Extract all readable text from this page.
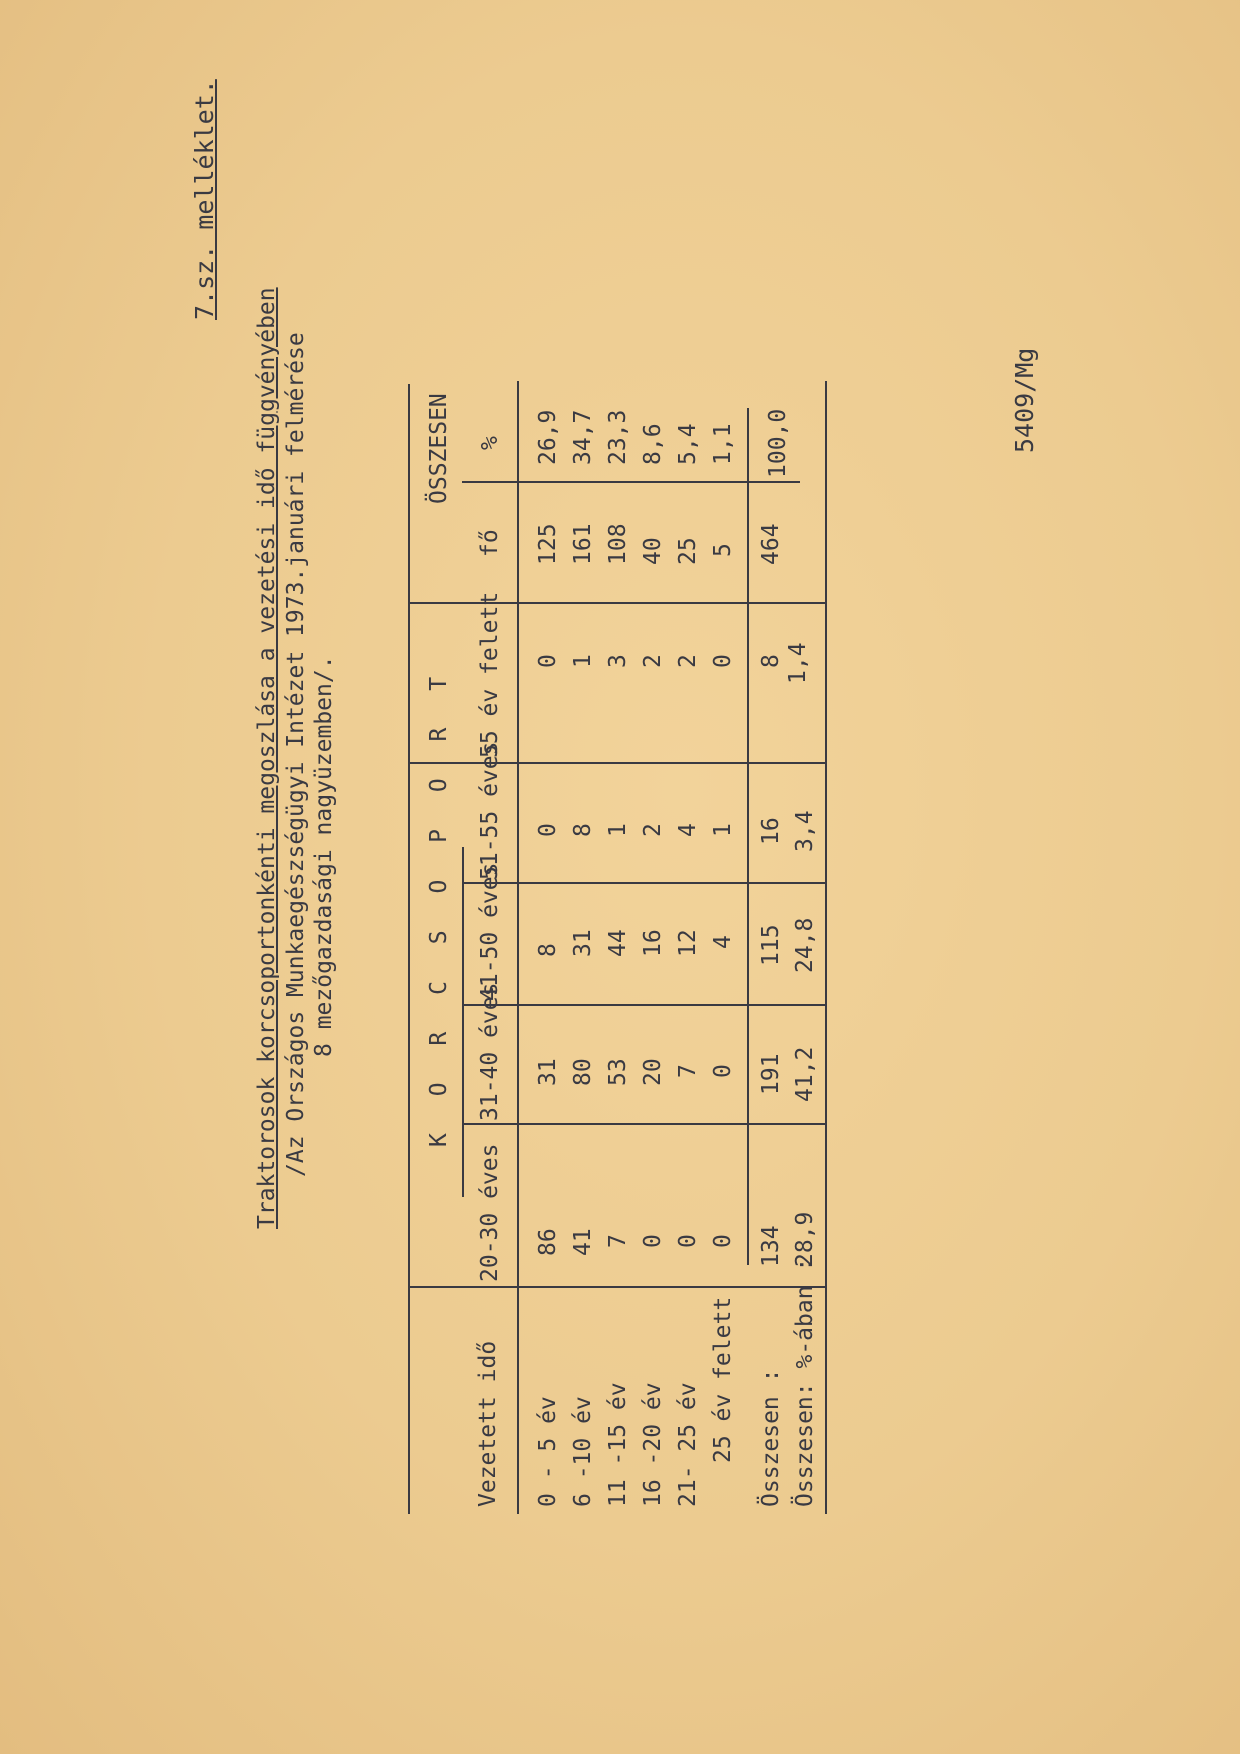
7.sz. melléklet.
Traktorosok korcsoportonkénti megoszlása a vezetési idő függvényében /Az Országos Munkaegészségügyi Intézet 1973.januári felmérése 8 mezőgazdasági nagyüzemben/.
Vezetett idő
K O R C S O P O R T
ÖSSZESEN
20-30 éves
31-40 éves
41-50 éves
51-55 éves
55 év felett
fő
%
0 - 5 év
86
31
8
0
0
125
26,9
6 -10 év
41
80
31
8
1
161
34,7
11 -15 év
7
53
44
1
3
108
23,3
16 -20 év
0
20
16
2
2
40
8,6
21- 25 év
0
7
12
4
2
25
5,4
25 év felett
0
0
4
1
0
5
1,1
Összesen :
134
191
115
16
8
464
Összesen: %-ában :
28,9
41,2
24,8
3,4
1,4
100,0	5409/Mg
